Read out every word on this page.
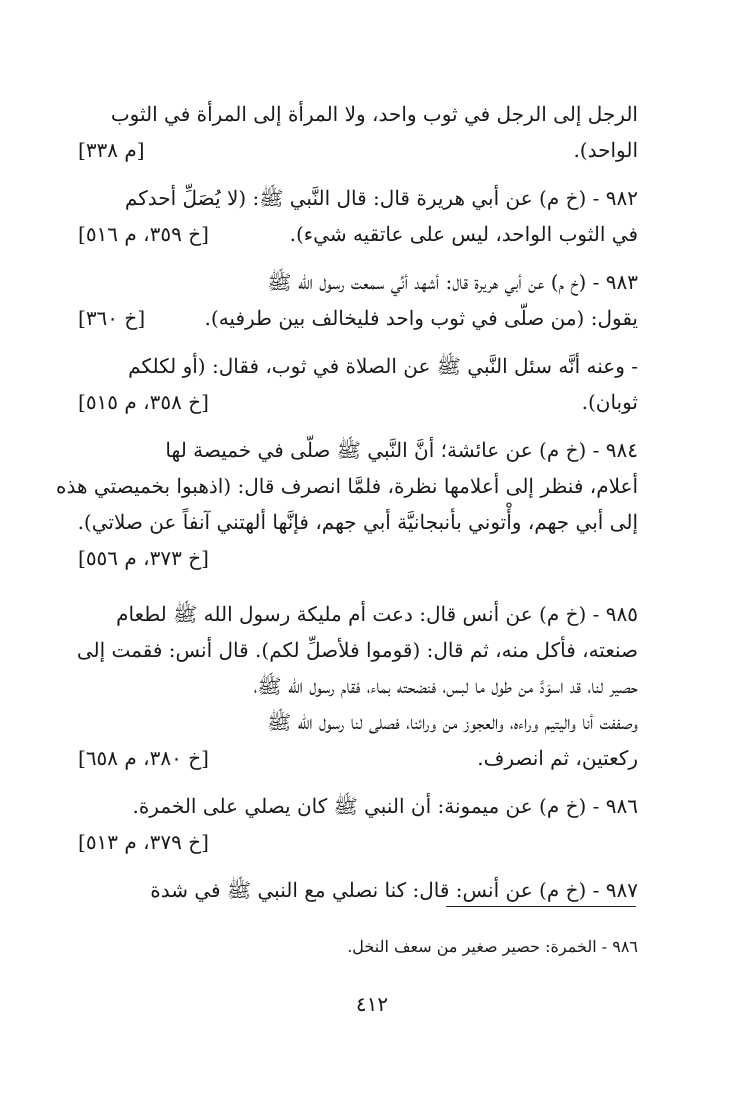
الرجل إلى الرجل في ثوب واحد، ولا المرأة إلى المرأة في الثوب
الواحد).
[م ٣٣٨]
٩٨٢ - (خ م) عن أبي هريرة قال: قال النَّبي ﷺ: (لا يُصَلِّ أحدكم
في الثوب الواحد، ليس على عاتقيه شيء).
[خ ٣٥٩، م ٥١٦]
٩٨٣ - (خ م) عن أبي هريرة قال: أشهد أنِّي سمعت رسول الله ﷺ
يقول: (من صلّى في ثوب واحد فليخالف بين طرفيه).
[خ ٣٦٠]
- وعنه أنَّه سئل النَّبي ﷺ عن الصلاة في ثوب، فقال: (أو لكلكم
ثوبان).
[خ ٣٥٨، م ٥١٥]
٩٨٤ - (خ م) عن عائشة؛ أنَّ النَّبي ﷺ صلّى في خميصة لها
أعلام، فنظر إلى أعلامها نظرة، فلمَّا انصرف قال: (اذهبوا بخميصتي هذه
إلى أبي جهم، وأْتوني بأنبجانيَّة أبي جهم، فإنَّها ألهتني آنفاً عن صلاتي).
[خ ٣٧٣، م ٥٥٦]
٩٨٥ - (خ م) عن أنس قال: دعت أم مليكة رسول الله ﷺ لطعام
صنعته، فأكل منه، ثم قال: (قوموا فلأصلِّ لكم). قال أنس: فقمت إلى
حصير لنا، قد اسوَدَّ من طول ما لبس، فنضحته بماء، فقام رسول الله ﷺ،
وصففت أنا واليتيم وراءه، والعجوز من ورائنا، فصلى لنا رسول الله ﷺ
ركعتين، ثم انصرف.
[خ ٣٨٠، م ٦٥٨]
٩٨٦ - (خ م) عن ميمونة: أن النبي ﷺ كان يصلي على الخمرة.
[خ ٣٧٩، م ٥١٣]
٩٨٧ - (خ م) عن أنس: قال: كنا نصلي مع النبي ﷺ في شدة
٩٨٦ - الخمرة: حصير صغير من سعف النخل.
٤١٢
